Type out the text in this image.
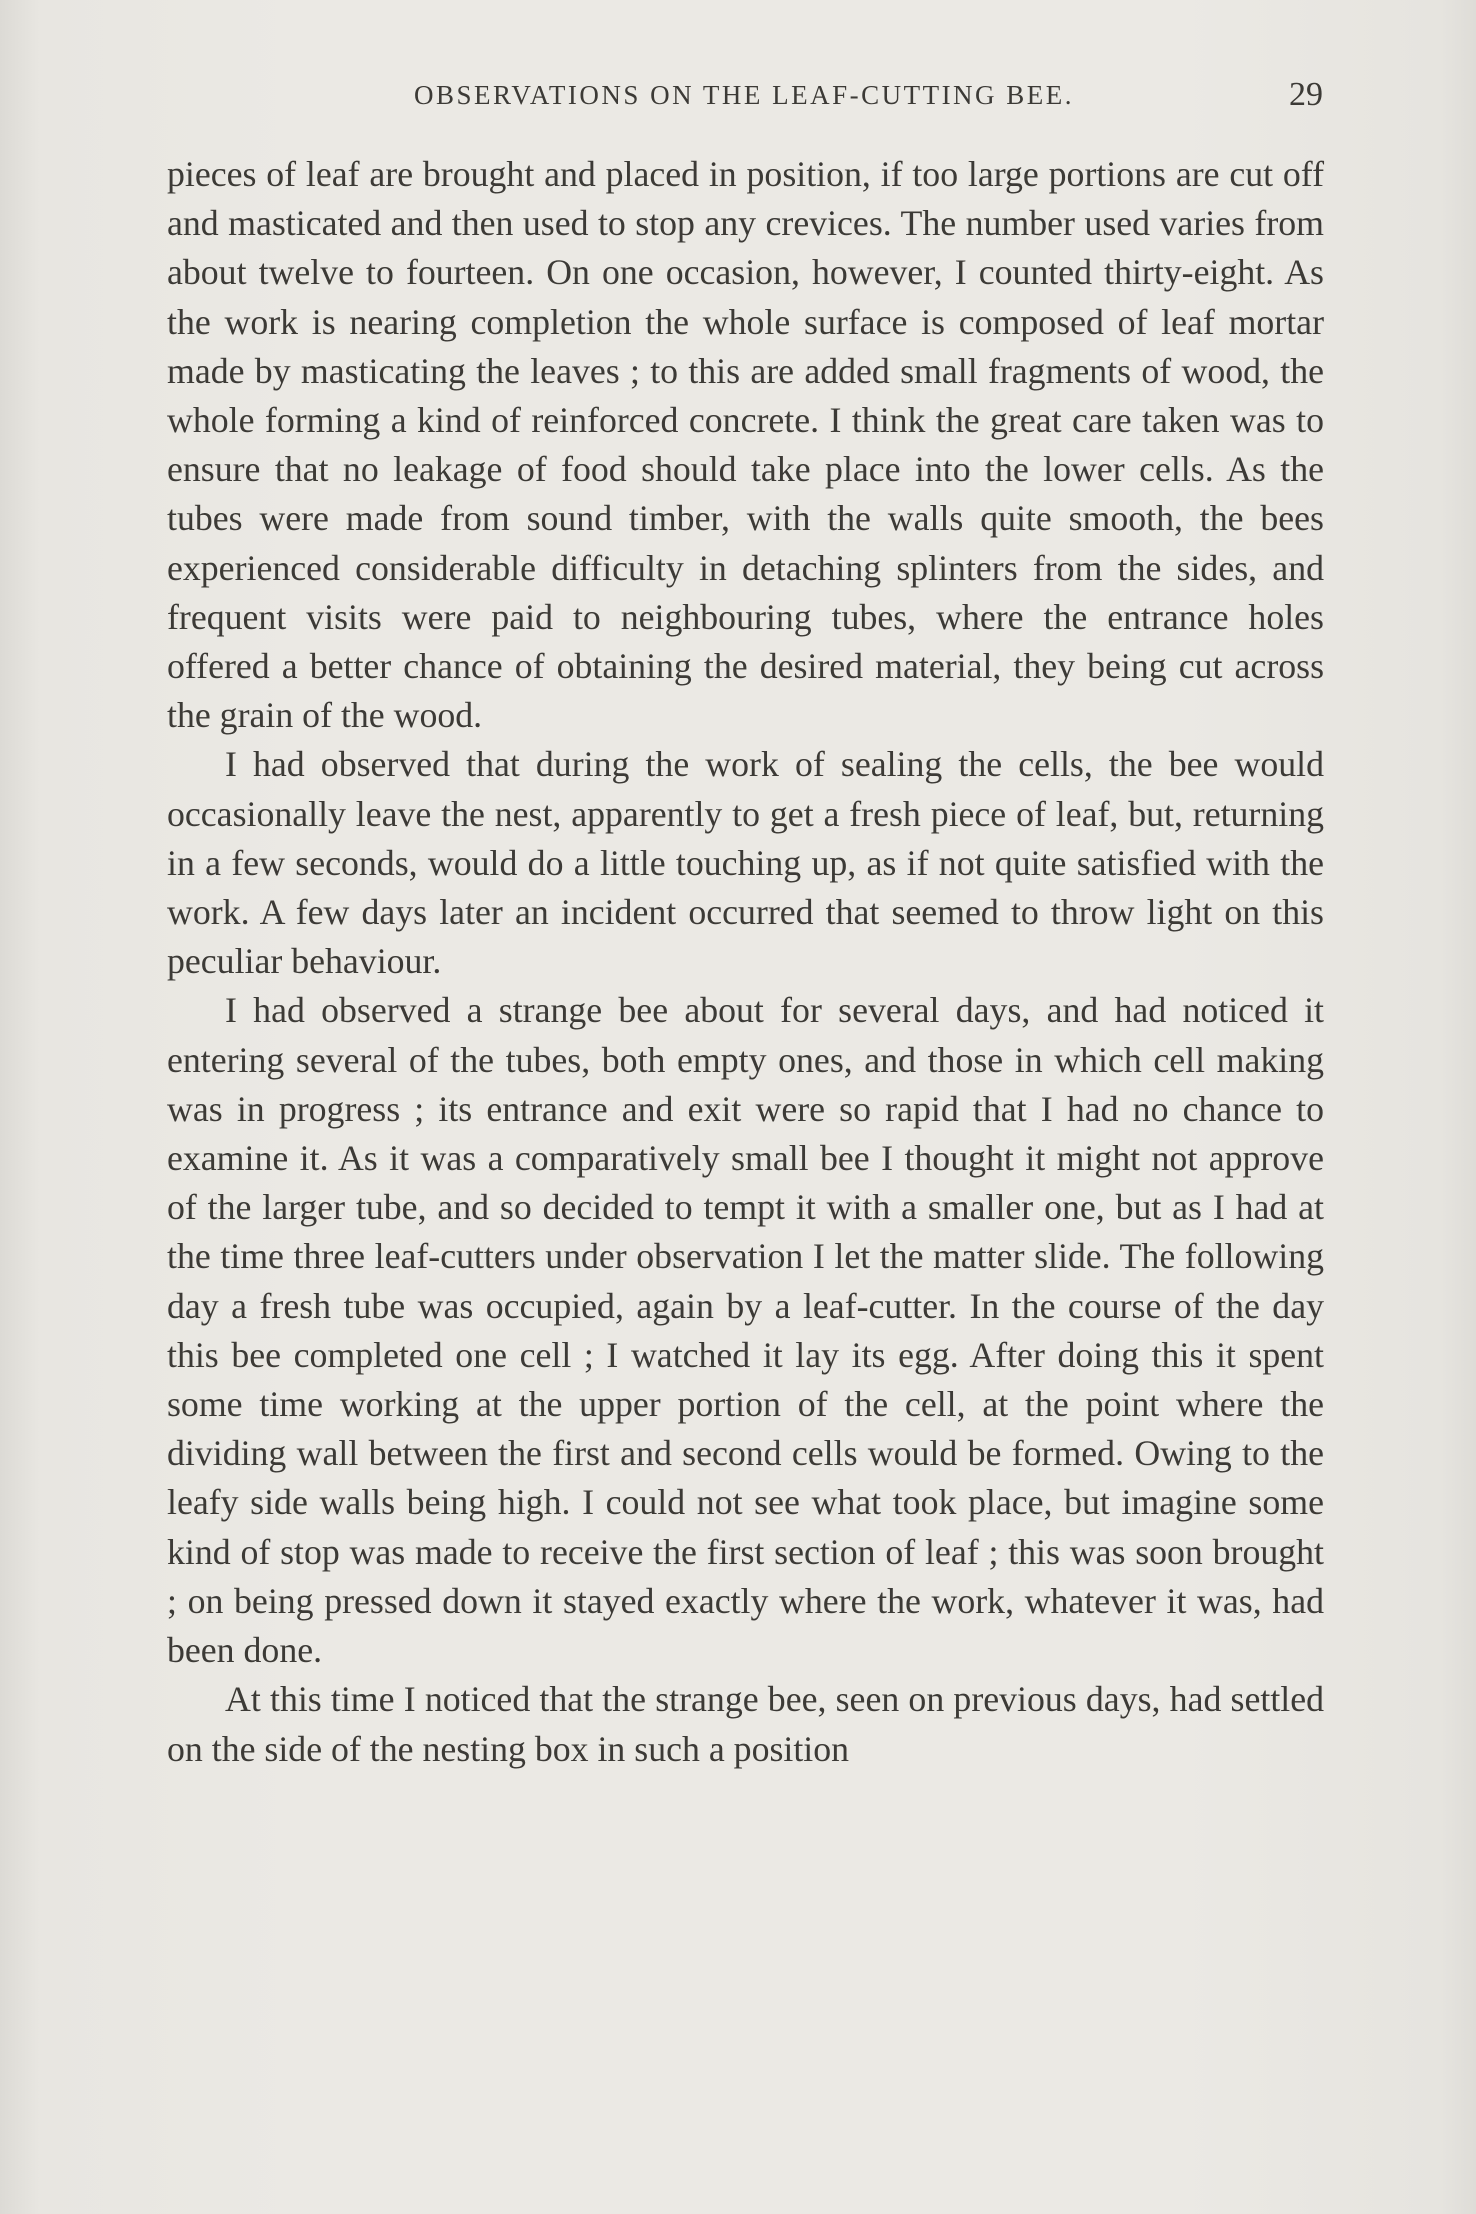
OBSERVATIONS ON THE LEAF-CUTTING BEE.	29

pieces of leaf are brought and placed in position, if too large portions are cut off and masticated and then used to stop any crevices. The number used varies from about twelve to fourteen. On one occasion, however, I counted thirty-eight. As the work is nearing completion the whole surface is composed of leaf mortar made by masticating the leaves ; to this are added small fragments of wood, the whole forming a kind of reinforced concrete. I think the great care taken was to ensure that no leakage of food should take place into the lower cells. As the tubes were made from sound timber, with the walls quite smooth, the bees experienced considerable difficulty in detaching splinters from the sides, and frequent visits were paid to neighbouring tubes, where the entrance holes offered a better chance of obtaining the desired material, they being cut across the grain of the wood.

I had observed that during the work of sealing the cells, the bee would occasionally leave the nest, apparently to get a fresh piece of leaf, but, returning in a few seconds, would do a little touching up, as if not quite satisfied with the work. A few days later an incident occurred that seemed to throw light on this peculiar behaviour.

I had observed a strange bee about for several days, and had noticed it entering several of the tubes, both empty ones, and those in which cell making was in progress ; its entrance and exit were so rapid that I had no chance to examine it. As it was a comparatively small bee I thought it might not approve of the larger tube, and so decided to tempt it with a smaller one, but as I had at the time three leaf-cutters under observation I let the matter slide. The following day a fresh tube was occupied, again by a leaf-cutter. In the course of the day this bee completed one cell ; I watched it lay its egg. After doing this it spent some time working at the upper portion of the cell, at the point where the dividing wall between the first and second cells would be formed. Owing to the leafy side walls being high. I could not see what took place, but imagine some kind of stop was made to receive the first section of leaf ; this was soon brought ; on being pressed down it stayed exactly where the work, whatever it was, had been done.

At this time I noticed that the strange bee, seen on previous days, had settled on the side of the nesting box in such a position
